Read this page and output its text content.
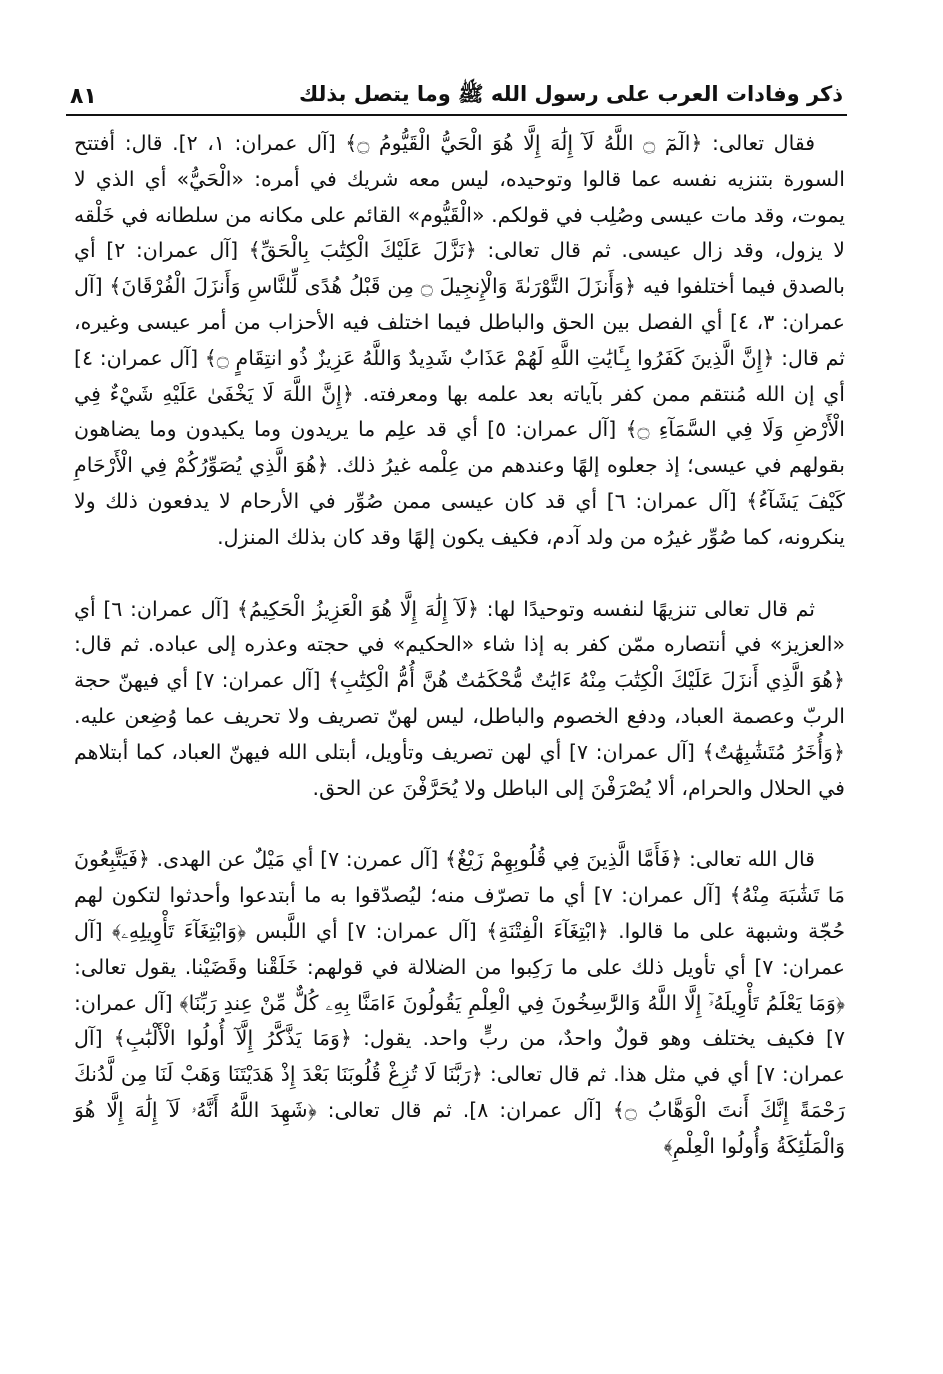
ذكر وفادات العرب على رسول الله ﷺ وما يتصل بذلك
٨١

فقال تعالى: ﴿الٓمٓ ۝ اللَّهُ لَآ إِلَٰهَ إِلَّا هُوَ الْحَيُّ الْقَيُّومُ ۝﴾ [آل عمران: ١، ٢]. قال: أفتتح السورة بتنزيه نفسه عما قالوا وتوحيده، ليس معه شريك في أمره: «الْحَيُّ» أي الذي لا يموت، وقد مات عيسى وصُلِب في قولكم. «الْقَيُّوم» القائم على مكانه من سلطانه في خَلْقه لا يزول، وقد زال عيسى. ثم قال تعالى: ﴿نَزَّلَ عَلَيْكَ الْكِتَٰبَ بِالْحَقِّ﴾ [آل عمران: ٢] أي بالصدق فيما أختلفوا فيه ﴿وَأَنزَلَ التَّوْرَىٰةَ وَالْإِنجِيلَ ۝ مِن قَبْلُ هُدًى لِّلنَّاسِ وَأَنزَلَ الْفُرْقَانَ﴾ [آل عمران: ٣، ٤] أي الفصل بين الحق والباطل فيما اختلف فيه الأحزاب من أمر عيسى وغيره، ثم قال: ﴿إِنَّ الَّذِينَ كَفَرُوا بِـَٔايَٰتِ اللَّهِ لَهُمْ عَذَابٌ شَدِيدٌ وَاللَّهُ عَزِيزٌ ذُو انتِقَامٍ ۝﴾ [آل عمران: ٤] أي إن الله مُنتقم ممن كفر بآياته بعد علمه بها ومعرفته. ﴿إِنَّ اللَّهَ لَا يَخْفَىٰ عَلَيْهِ شَيْءٌ فِي الْأَرْضِ وَلَا فِي السَّمَآءِ ۝﴾ [آل عمران: ٥] أي قد علِم ما يريدون وما يكيدون وما يضاهون بقولهم في عيسى؛ إذ جعلوه إلهًا وعندهم من عِلْمه غيرُ ذلك. ﴿هُوَ الَّذِي يُصَوِّرُكُمْ فِي الْأَرْحَامِ كَيْفَ يَشَآءُ﴾ [آل عمران: ٦] أي قد كان عيسى ممن صُوِّر في الأرحام لا يدفعون ذلك ولا ينكرونه، كما صُوِّر غيرُه من ولد آدم، فكيف يكون إلهًا وقد كان بذلك المنزل.

ثم قال تعالى تنزيهًا لنفسه وتوحيدًا لها: ﴿لَآ إِلَٰهَ إِلَّا هُوَ الْعَزِيزُ الْحَكِيمُ﴾ [آل عمران: ٦] أي «العزيز» في أنتصاره ممّن كفر به إذا شاء «الحكيم» في حجته وعذره إلى عباده. ثم قال: ﴿هُوَ الَّذِي أَنزَلَ عَلَيْكَ الْكِتَٰبَ مِنْهُ ءَايَٰتٌ مُّحْكَمَٰتٌ هُنَّ أُمُّ الْكِتَٰبِ﴾ [آل عمران: ٧] أي فيهنّ حجة الربّ وعصمة العباد، ودفع الخصوم والباطل، ليس لهنّ تصريف ولا تحريف عما وُضِعن عليه. ﴿وَأُخَرُ مُتَشَٰبِهَٰتٌ﴾ [آل عمران: ٧] أي لهن تصريف وتأويل، أبتلى الله فيهنّ العباد، كما أبتلاهم في الحلال والحرام، ألا يُصْرَفْنَ إلى الباطل ولا يُحَرَّفْنَ عن الحق.

قال الله تعالى: ﴿فَأَمَّا الَّذِينَ فِي قُلُوبِهِمْ زَيْغٌ﴾ [آل عمرن: ٧] أي مَيْلٌ عن الهدى. ﴿فَيَتَّبِعُونَ مَا تَشَٰبَهَ مِنْهُ﴾ [آل عمران: ٧] أي ما تصرّف منه؛ ليُصدّقوا به ما أبتدعوا وأحدثوا لتكون لهم حُجّة وشبهة على ما قالوا. ﴿ابْتِغَآءَ الْفِتْنَةِ﴾ [آل عمران: ٧] أي اللَّبس ﴿وَابْتِغَآءَ تَأْوِيلِهِۦ﴾ [آل عمران: ٧] أي تأويل ذلك على ما رَكِبوا من الضلالة في قولهم: خَلَقْنا وقَضَيْنا. يقول تعالى: ﴿وَمَا يَعْلَمُ تَأْوِيلَهُۥٓ إِلَّا اللَّهُ وَالرَّٰسِخُونَ فِي الْعِلْمِ يَقُولُونَ ءَامَنَّا بِهِۦ كُلٌّ مِّنْ عِندِ رَبِّنَا﴾ [آل عمران: ٧] فكيف يختلف وهو قولٌ واحدٌ، من ربٍّ واحد. يقول: ﴿وَمَا يَذَّكَّرُ إِلَّآ أُولُوا الْأَلْبَٰبِ﴾ [آل عمران: ٧] أي في مثل هذا. ثم قال تعالى: ﴿رَبَّنَا لَا تُزِغْ قُلُوبَنَا بَعْدَ إِذْ هَدَيْتَنَا وَهَبْ لَنَا مِن لَّدُنكَ رَحْمَةً إِنَّكَ أَنتَ الْوَهَّابُ ۝﴾ [آل عمران: ٨]. ثم قال تعالى: ﴿شَهِدَ اللَّهُ أَنَّهُۥ لَآ إِلَٰهَ إِلَّا هُوَ وَالْمَلَٰٓئِكَةُ وَأُولُوا الْعِلْمِ﴾
